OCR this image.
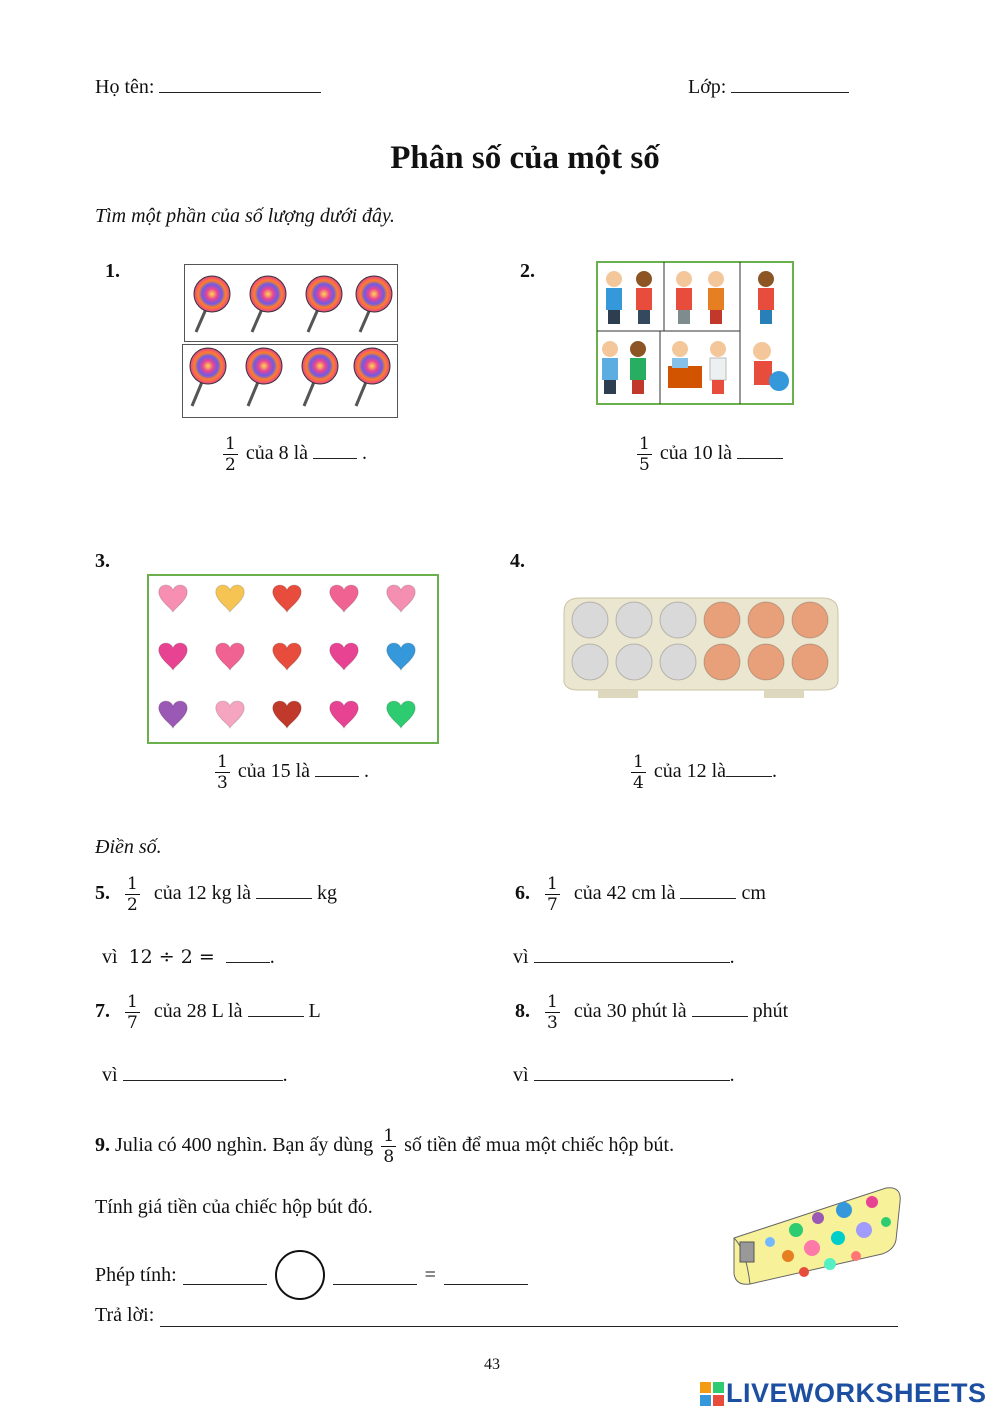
Họ tên:	Lớp:
Phân số của một số
Tìm một phần của số lượng dưới đây.
1.
$\frac{1}{2}$ của 8 là	.
2.
$\frac{1}{5}$ của 10 là
3.
$\frac{1}{3}$ của 15 là	.
4.
$\frac{1}{4}$ của 12 là .
Điền số.
5. $\frac{1}{2}$ của 12 kg là	kg
vì 12 ÷ 2 =	.
6. $\frac{1}{7}$ của 42 cm là	cm
vì	.
7. $\frac{1}{7}$ của 28 L là	L
vì	.
8. $\frac{1}{3}$ của 30 phút là	phút
vì	.
9. Julia có 400 nghìn. Bạn ấy dùng $\frac{1}{8}$ số tiền để mua một chiếc hộp bút.
Tính giá tiền của chiếc hộp bút đó.
Phép tính:	=
Trả lời:
43
LIVEWORKSHEETS
